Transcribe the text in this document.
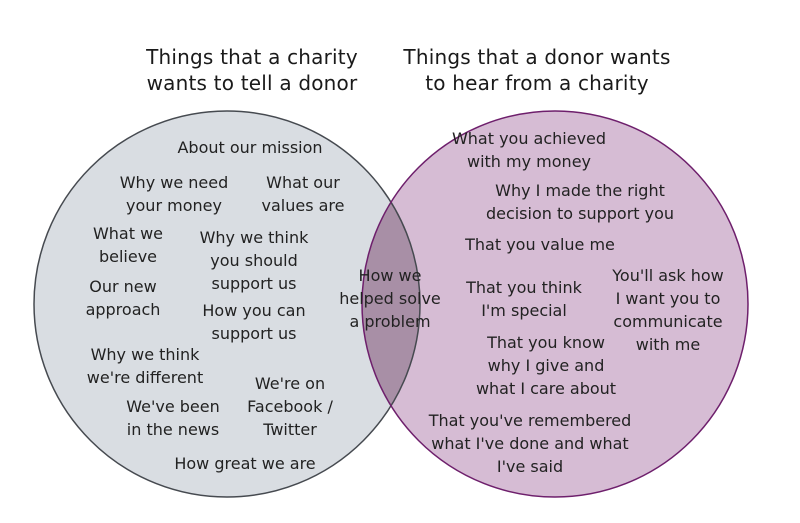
Things that a charity
wants to tell a donor
Things that a donor wants
to hear from a charity
About our mission
Why we need
your money
What our
values are
What we
believe
Why we think
you should
support us
Our new
approach	How you can
support us
Why we think
we're different	We're on
Facebook /
Twitter
We've been
in the news
How great we are
How we
helped solve
a problem
What you achieved
with my money
Why I made the right
decision to support you
That you value me
That you think
I'm special
You'll ask how
I want you to
communicate
with me
That you know
why I give and
what I care about
That you've remembered
what I've done and what
I've said
